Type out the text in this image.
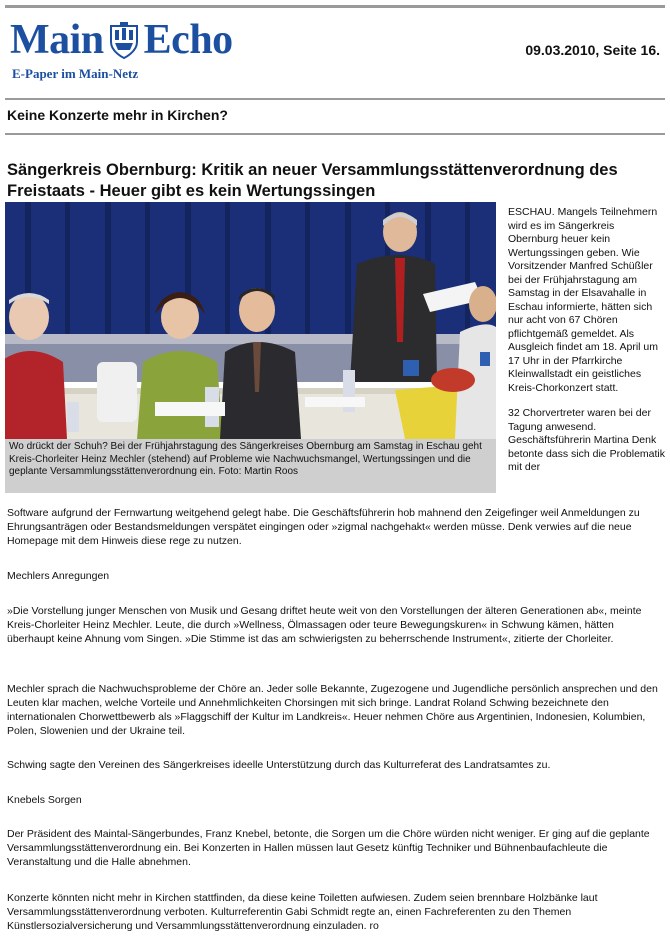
Main Echo
E-Paper im Main-Netz
09.03.2010, Seite 16.
Keine Konzerte mehr in Kirchen?
Sängerkreis Obernburg: Kritik an neuer Versammlungsstättenverordnung des Freistaats - Heuer gibt es kein Wertungssingen
Wo drückt der Schuh? Bei der Frühjahrstagung des Sängerkreises Obernburg am Samstag in Eschau geht Kreis-Chorleiter Heinz Mechler (stehend) auf Probleme wie Nachwuchsmangel, Wertungssingen und die geplante Versammlungsstättenverordnung ein. Foto: Martin Roos

ESCHAU. Mangels Teilnehmern wird es im Sängerkreis Obernburg heuer kein Wertungssingen geben. Wie Vorsitzender Manfred Schüßler bei der Frühjahrstagung am Samstag in der Elsavahalle in Eschau informierte, hätten sich nur acht von 67 Chören pflichtgemäß gemeldet. Als Ausgleich findet am 18. April um 17 Uhr in der Pfarrkirche Kleinwallstadt ein geistliches Kreis-Chorkonzert statt.

32 Chorvertreter waren bei der Tagung anwesend. Geschäftsführerin Martina Denk betonte dass sich die Problematik mit der

Software aufgrund der Fernwartung weitgehend gelegt habe. Die Geschäftsführerin hob mahnend den Zeigefinger weil Anmeldungen zu Ehrungsanträgen oder Bestandsmeldungen verspätet eingingen oder »zigmal nachgehakt« werden müsse. Denk verwies auf die neue Homepage mit dem Hinweis diese rege zu nutzen.

Mechlers Anregungen

»Die Vorstellung junger Menschen von Musik und Gesang driftet heute weit von den Vorstellungen der älteren Generationen ab«, meinte Kreis-Chorleiter Heinz Mechler. Leute, die durch »Wellness, Ölmassagen oder teure Bewegungskuren« in Schwung kämen, hätten überhaupt keine Ahnung vom Singen. »Die Stimme ist das am schwierigsten zu beherrschende Instrument«, zitierte der Chorleiter.

Mechler sprach die Nachwuchsprobleme der Chöre an. Jeder solle Bekannte, Zugezogene und Jugendliche persönlich ansprechen und den Leuten klar machen, welche Vorteile und Annehmlichkeiten Chorsingen mit sich bringe. Landrat Roland Schwing bezeichnete den internationalen Chorwettbewerb als »Flaggschiff der Kultur im Landkreis«. Heuer nehmen Chöre aus Argentinien, Indonesien, Kolumbien, Polen, Slowenien und der Ukraine teil.

Schwing sagte den Vereinen des Sängerkreises ideelle Unterstützung durch das Kulturreferat des Landratsamtes zu.

Knebels Sorgen

Der Präsident des Maintal-Sängerbundes, Franz Knebel, betonte, die Sorgen um die Chöre würden nicht weniger. Er ging auf die geplante Versammlungsstättenverordnung ein. Bei Konzerten in Hallen müssen laut Gesetz künftig Techniker und Bühnenbaufachleute die Veranstaltung und die Halle abnehmen.

Konzerte könnten nicht mehr in Kirchen stattfinden, da diese keine Toiletten aufwiesen. Zudem seien brennbare Holzbänke laut Versammlungsstättenverordnung verboten. Kulturreferentin Gabi Schmidt regte an, einen Fachreferenten zu den Themen Künstlersozialversicherung und Versammlungsstättenverordnung einzuladen. ro
